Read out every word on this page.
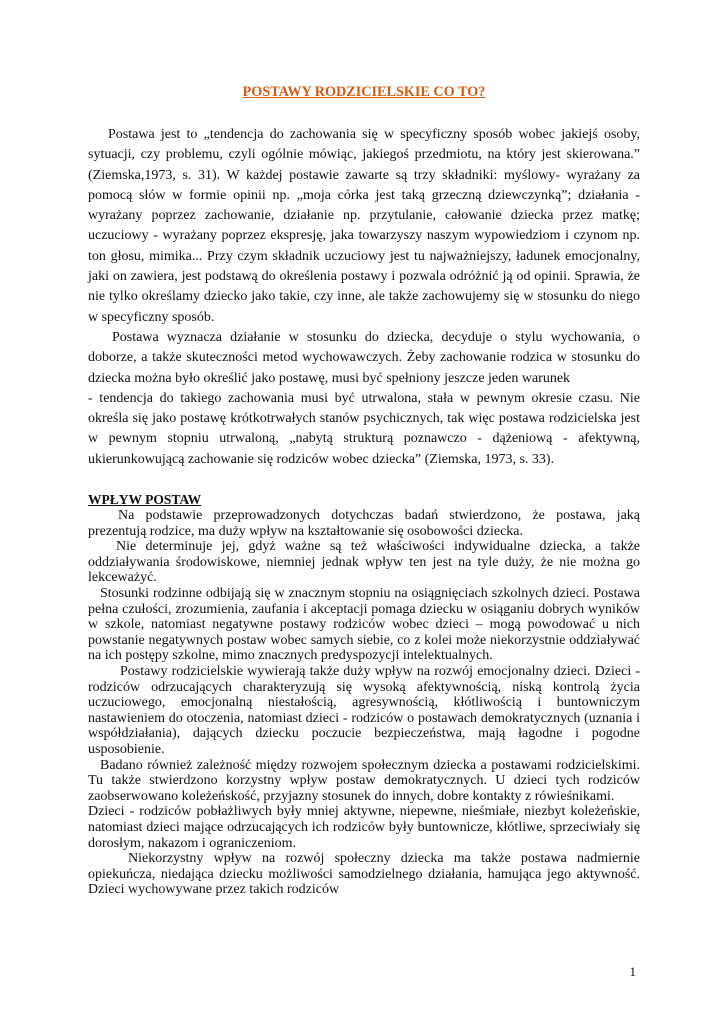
POSTAWY RODZICIELSKIE CO TO?

Postawa jest to „tendencja do zachowania się w specyficzny sposób wobec jakiejś osoby, sytuacji, czy problemu, czyli ogólnie mówiąc, jakiegoś przedmiotu, na który jest skierowana.” (Ziemska,1973, s. 31). W każdej postawie zawarte są trzy składniki: myślowy- wyrażany za pomocą słów w formie opinii np. „moja córka jest taką grzeczną dziewczynką”; działania - wyrażany poprzez zachowanie, działanie np. przytulanie, całowanie dziecka przez matkę; uczuciowy - wyrażany poprzez ekspresję, jaka towarzyszy naszym wypowiedziom i czynom np. ton głosu, mimika... Przy czym składnik uczuciowy jest tu najważniejszy, ładunek emocjonalny, jaki on zawiera, jest podstawą do określenia postawy i pozwala odróżnić ją od opinii. Sprawia, że nie tylko określamy dziecko jako takie, czy inne, ale także zachowujemy się w stosunku do niego w specyficzny sposób.

Postawa wyznacza działanie w stosunku do dziecka, decyduje o stylu wychowania, o doborze, a także skuteczności metod wychowawczych. Żeby zachowanie rodzica w stosunku do dziecka można było określić jako postawę, musi być spełniony jeszcze jeden warunek

- tendencja do takiego zachowania musi być utrwalona, stała w pewnym okresie czasu. Nie określa się jako postawę krótkotrwałych stanów psychicznych, tak więc postawa rodzicielska jest w pewnym stopniu utrwaloną, „nabytą strukturą poznawczo - dążeniową - afektywną, ukierunkowującą zachowanie się rodziców wobec dziecka” (Ziemska, 1973, s. 33).

WPŁYW POSTAW

Na podstawie przeprowadzonych dotychczas badań stwierdzono, że postawa, jaką prezentują rodzice, ma duży wpływ na kształtowanie się osobowości dziecka.

Nie determinuje jej, gdyż ważne są też właściwości indywidualne dziecka, a także oddziaływania środowiskowe, niemniej jednak wpływ ten jest na tyle duży, że nie można go lekceważyć.

Stosunki rodzinne odbijają się w znacznym stopniu na osiągnięciach szkolnych dzieci. Postawa pełna czułości, zrozumienia, zaufania i akceptacji pomaga dziecku w osiąganiu dobrych wyników w szkole, natomiast negatywne postawy rodziców wobec dzieci – mogą powodować u nich powstanie negatywnych postaw wobec samych siebie, co z kolei może niekorzystnie oddziaływać na ich postępy szkolne, mimo znacznych predyspozycji intelektualnych.

Postawy rodzicielskie wywierają także duży wpływ na rozwój emocjonalny dzieci. Dzieci - rodziców odrzucających charakteryzują się wysoką afektywnością, niską kontrolą życia uczuciowego, emocjonalną niestałością, agresywnością, kłótliwością i buntowniczym nastawieniem do otoczenia, natomiast dzieci - rodziców o postawach demokratycznych (uznania i współdziałania), dających dziecku poczucie bezpieczeństwa, mają łagodne i pogodne usposobienie.

Badano również zależność między rozwojem społecznym dziecka a postawami rodzicielskimi. Tu także stwierdzono korzystny wpływ postaw demokratycznych. U dzieci tych rodziców zaobserwowano koleżeńskość, przyjazny stosunek do innych, dobre kontakty z rówieśnikami.

Dzieci - rodziców pobłażliwych były mniej aktywne, niepewne, nieśmiałe, niezbyt koleżeńskie, natomiast dzieci mające odrzucających ich rodziców były buntownicze, kłótliwe, sprzeciwiały się dorosłym, nakazom i ograniczeniom.

Niekorzystny wpływ na rozwój społeczny dziecka ma także postawa nadmiernie opiekuńcza, niedająca dziecku możliwości samodzielnego działania, hamująca jego aktywność. Dzieci wychowywane przez takich rodziców

1
